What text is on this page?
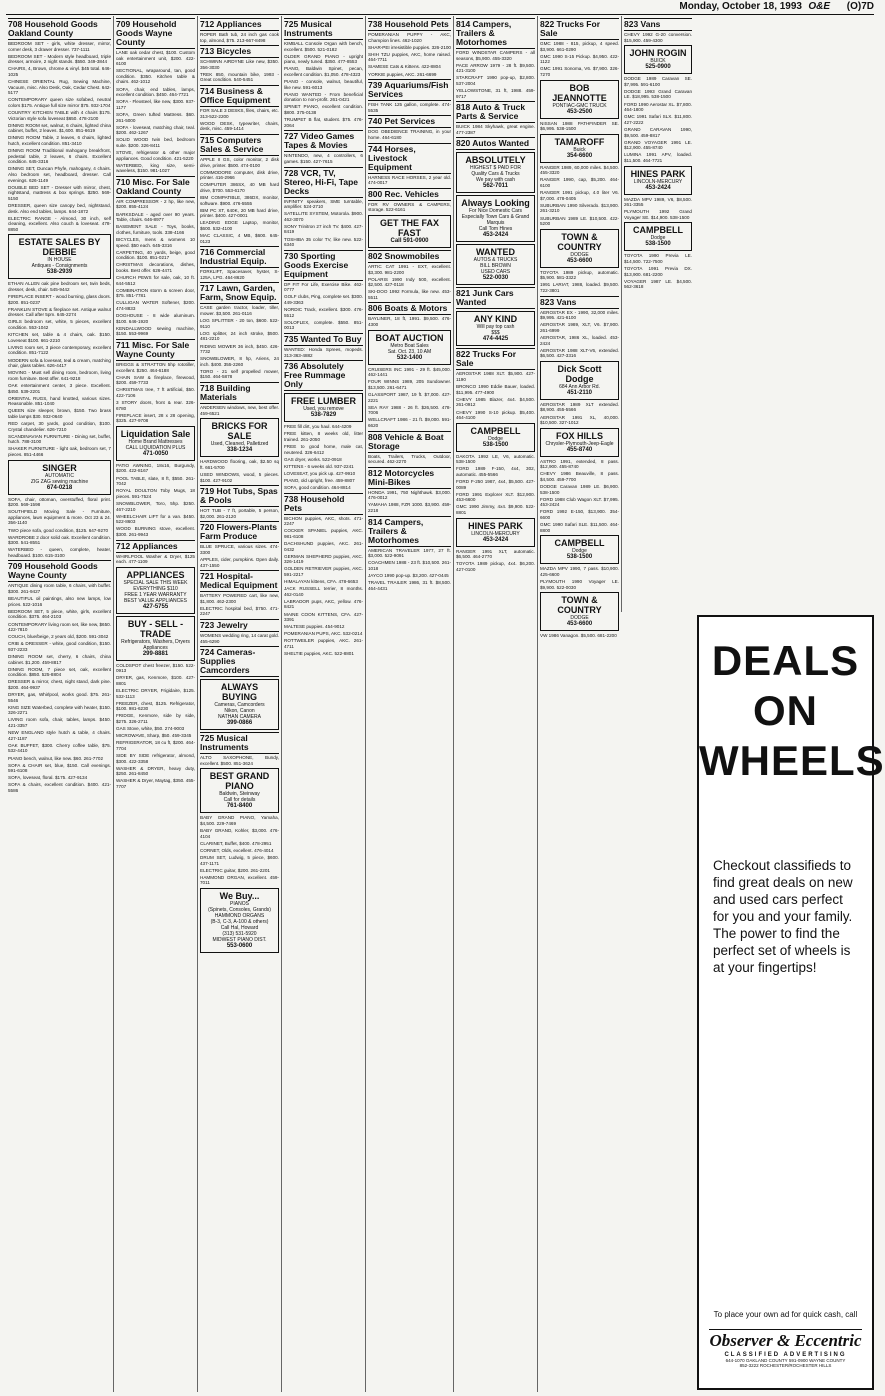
Monday, October 18, 1993 O&E (O)7D
708 Household Goods Oakland County
BEDROOM SET - girls, white dresser, mirror, corner desk, 3 drawer dresser. 737-1111
BEDROOM SET - Modern style headboard, triple dresser, armoire, 2 night stands. $550. 349-3844
CHAIRS, 4, Brown, chrome & vinyl. $45 total. 646-1025
CHINESE ORIENTAL Rug, Sewing Machine, Vacuum, misc. Also Desk, Oak, Cedar Chest. 642-5177
CONTEMPORARY queen size sofabed, neutral colors $175. Antique full size mirror $75. 932-1704
COUNTRY KITCHEN TABLE with 4 chairs $175. Victorian style sofa loveseat $650. 478-2100
DINING ROOM set, walnut, 6 chairs, lighted china cabinet, buffet, 2 leaves. $1,600. 851-6619
DINING ROOM Table, 2 leaves, 6 chairs, lighted hutch, excellent condition. 851-3410
DINING ROOM Traditional mahogany breakfront, pedestal table, 2 leaves, 6 chairs. Excellent condition. 645-3316
DINING SET, Duncan Phyfe, mahogany, 4 chairs. Also bedroom set, headboard, dresser. Call evenings. 626-1149
DOUBLE BED SET - Dresser with mirror, chest, nightstand, mattress & box springs. $250. 569-5150
DRESSER, queen size canopy bed, nightstand, desk. Also end tables, lamps. 644-1872
ELECTRIC RANGE - Almond, 30 inch, self cleaning, excellent. Also couch & loveseat. 478-8850
ESTATE SALES BY DEBBIE
IN HOUSE
Antiques - Consignments
538-2939
ETHAN ALLEN oak pine bedroom set, twin beds, dresser, desk, chair. 545-9442
FIREPLACE INSERT - wood burning, glass doors. $200. 851-0237
FRANKLIN STOVE & fireplace set. Antique walnut dresser. Call after 5pm. 645-2274
GIRLS bedroom set, white, 5 pieces, excellent condition. 553-1042
KITCHEN set, table & 4 chairs, oak. $150. Loveseat $100. 661-2210
LIVING room set, 3 piece contemporary, excellent condition. 851-7122
MODERN sofa & loveseat, teal & cream, matching chair, glass tables. 626-4417
MOVING - Must sell dining room, bedroom, living room furniture. Best offer. 641-9218
OAK entertainment center, 3 piece. Excellent. $450. 539-2201
ORIENTAL RUGS, hand knotted, various sizes. Reasonable. 851-1040
QUEEN size sleeper, brown, $150. Two brass table lamps $30. 932-0640
RED carpet, 30 yards, good condition, $100. Crystal chandelier. 626-7210
SCANDINAVIAN FURNITURE - Dining set, buffet, hutch. 788-3100
SHAKER FURNITURE - light oak, bedroom set, 7 pieces. 851-4466
SINGER
AUTOMATIC
ZIG ZAG sewing machine
674-0218
SOFA, chair, ottoman, overstuffed, floral print. $200. 569-1598
SOUTHFIELD Moving Sale - Furniture, appliances, lawn equipment & more. Oct 23 & 24. 356-1140
TWO piece sofa, good condition, $125. 647-9270
WARDROBE 2 door solid oak. Excellent condition. $300. 541-8551
WATERBED - queen, complete, heater, headboard. $100. 615-3100
709 Household Goods Wayne County
ANTIQUE dining room table, 6 chairs, with buffet. $300. 261-9427
BEAUTIFUL oil paintings, also new lamps, low prices. 522-1016
BEDROOM SET, 5 piece, white, girls, excellent condition. $375. 464-2103
CONTEMPORARY living room set, like new, $650. 422-7810
COUCH, blue/beige, 2 years old, $200. 591-3042
CRIB & DRESSER - white, good condition, $150. 937-2233
DINING ROOM set, cherry, 6 chairs, china cabinet. $1,200. 459-8817
DINING ROOM, 7 piece set, oak, excellent condition. $850. 525-8804
DRESSER & mirror, chest, night stand, dark pine. $200. 464-9937
DRYER, gas, Whirlpool, works good. $75. 261-5546
KING SIZE Waterbed, complete with heater, $150. 326-2271
LIVING room sofa, chair, tables, lamps. $450. 421-3357
NEW ENGLAND style hutch & table, 4 chairs. 427-1187
OAK BUFFET, $300. Cherry coffee table, $75. 532-4410
PIANO bench, walnut, like new. $60. 261-7702
SOFA & CHAIR set, blue, $150. Call evenings. 591-6108
SOFA, loveseat, floral. $175. 427-9134
SOFA & chairs, excellent condition. $400. 421-5586
709 Household Goods Wayne County
LANE oak cedar chest, $100. Custom oak entertainment unit, $200. 422-6100
SECTIONAL, wraparound, tan, good condition. $350. Kitchen table & chairs. 462-1012
SOFA, chair, end tables, lamps, excellent condition. $450. 464-7721
SOFA - Flexsteel, like new, $300. 937-1177
SOFA, Green tufted Mattress. $60. 261-5000
SOFA - loveseat, matching chair, teal. $200. 462-1267
SOLID WOOD twin bed, bedroom suite. $200. 326-8411
STOVE, refrigerator & other major appliances. Good condition. 421-5220
WATERBED, king size, semi-waveless, $150. 981-1027
710 Misc. For Sale Oakland County
AIR COMPRESSOR - 2 hp, like new, $200. 855-4124
BARKSDALE - aged over 90 years. Table, chairs. 646-8977
BASEMENT SALE - Toys, books, clothes, furniture, tools. 338-4166
BICYCLES, mens & womens 10 speed. $50 each. 645-3316
CARPETING, 40 yards, beige, good condition. $100. 851-0217
CHRISTMAS decorations, dishes, books. Best offer. 626-4471
CHURCH PEWS for sale, oak, 10 ft. 644-5512
COMBINATION storm & screen door, $75. 851-7781
CULLIGAN WATER Softener, $200. 474-8833
DOGHOUSE - 8 wide aluminum. $100. 646-1920
KENDALLWOOD sewing machine, $150. 553-9969
711 Misc. For Sale Wayne County
BRIGGS & STRATTON 5hp rototiller, excellent. $250. 464-6188
CHAIN SAW & fireplace, firewood, $200. 459-7733
CHRISTMAS tree, 7 ft artificial, $50. 422-7106
3 STORY doors, front & rear. 326-6780
FIREPLACE insert, 28 x 28 opening, $325. 427-9708
Liquidation Sale
Home Brand Mattresses
CALL LIQUIDATION PLUS
471-0050
PATIO AWNING, 18x16, Burgundy, $200. 422-8167
POOL TABLE, slate, 8 ft, $550. 261-7042
ROYAL DOULTON Toby Mugs, 18 pieces. 591-7524
SNOWBLOWER, Toro, 5hp. $250. 467-2210
WHEELCHAIR LIFT for a van. $450. 522-8603
WOOD BURNING stove, excellent. $300. 261-9943
712 Appliances
WHIRLPOOL Washer & Dryer, $125 each. 477-1109
APPLIANCES
SPECIAL SALE THIS WEEK
EVERYTHING $110
FREE 1 YEAR WARRANTY
BEST VALUE APPLIANCES
427-5755
BUY - SELL - TRADE
Refrigerators, Washers, Dryers
Appliances
299-8881
COLDSPOT chest freezer, $150. 522-0913
DRYER, gas, Kenmore, $100. 427-8801
ELECTRIC DRYER, Frigidaire, $125. 532-1113
FREEZER, chest, $125. Refrigerator, $100. 981-6230
FRIDGE, Kenmore, side by side, $275. 326-2711
GAS Stove, white, $50. 274-9003
MICROWAVE, Sharp, $50. 459-3345
REFRIGERATOR, 18 cu ft, $200. 464-7704
SIDE BY SIDE refrigerator, almond, $300. 422-3358
WASHER & DRYER, heavy duty, $250. 261-8450
WASHER & Dryer, Maytag, $350. 455-7707
712 Appliances
ROPER Bath tub, 24 inch gas cook top, almond, $75. 213-667-8498
713 Bicycles
SCHWINN AIRDYNE Like new, $350. 356-3030
TREK 850, mountain bike, 1993 - Great condition. 540-5451
714 Business & Office Equipment
FOR SALE 3 DESKS, files, chairs, etc. 313-522-2200
WOOD DESK, typewriter, chairs, desk, misc. 459-1414
715 Computers Sales & Service
APPLE II GS, color monitor, 2 disk drive, printer. $500. 474-0100
COMMODORE computer, disk drive, printer. 416-2966
COMPUTER 386SX, 40 MB hard drive, $700. 553-6170
IBM COMPATIBLE, 386DX, monitor, software. $900. 476-5555
IBM PC XT, 640K, 20 MB hard drive, printer. $400. 427-0001
LEADING EDGE Laptop, monitor, $600. 532-4100
MAC CLASSIC, 4 MB, $600. 645-0123
716 Commercial Industrial Equip.
FORKLIFT, Spacesaver, hyster, S-125A, LPG. 464-8620
717 Lawn, Garden, Farm, Snow Equip.
CASE garden tractor, loader, tiller, mower. $3,500. 261-0116
LOG SPLITTER - 20 ton, $600. 522-9110
LOG splitter, 24 inch stroke, $500. 481-2210
RIDING MOWER 36 inch, $450. 426-7732
SNOWBLOWER, 8 hp, Ariens, 24 inch. $400. 355-2260
TORO - 21 self propelled mower, $150. 464-5878
718 Building Materials
ANDERSEN windows, new, best offer. 459-6521
BRICKS FOR SALE
Used, Cleaned, Palletized
338-1234
HARDWOOD flooring, oak, $2.50 sq ft. 661-5700
USED WINDOWS, wood, 5 pieces. $100. 427-9102
719 Hot Tubs, Spas & Pools
HOT TUB - 7 ft, portable, 5 person, $2,000. 261-2120
720 Flowers-Plants Farm Produce
BLUE SPRUCE, various sizes. 474-3300
APPLES, cider, pumpkins. Open daily. 437-1550
721 Hospital-Medical Equipment
BATTERY POWERED cart, like new, $1,800. 462-2300
ELECTRIC hospital bed, $750. 471-2247
723 Jewelry
WOMENS wedding ring, 14 carat gold. 455-6290
724 Cameras-Supplies Camcorders
ALWAYS BUYING
Cameras, Camcorders
Nikon, Canon
NATHAN CAMERA
399-0866
725 Musical Instruments
ALTO SAXOPHONE, Bundy, excellent. $500. 851-3624
BEST GRAND PIANO
Baldwin, Steinway
Call for details
761-8400
BABY GRAND PIANO, Yamaha, $4,500. 229-7469
BABY GRAND, Kohler, $3,000. 476-4104
CLARINET, Buffet, $400. 478-2951
CORNET, Olds, excellent. 476-4014
DRUM SET, Ludwig, 5 piece, $600. 437-1171
ELECTRIC guitar, $200. 261-2201
HAMMOND ORGAN, excellent. 459-7011
We Buy...
PIANOS
(Spinets, Consoles, Grands)
HAMMOND ORGANS
(B-3, C-3, A-100 & others)
Call Hal, Howard
(313) 531-5920
MIDWEST PIANO DIST.
553-0600
725 Musical Instruments
KIMBALL Console Organ with bench, excellent. $500. 521-0182
OLDER GRAND PIANO - upright piano, newly tuned. $350. 477-8553
PIANO, Baldwin Spinet, pecan, excellent condition. $1,050. 478-4323
PIANO - console, walnut, beautiful, like new. 591-6013
PIANO WANTED - From beneficial donation to non-profit. 261-0421
SPINET PIANO, excellent condition. $800. 375-0138
TRUMPET B flat, student. $75. 476-2064
727 Video Games Tapes & Movies
NINTENDO, new, 4 controllers, 6 games. $150. 427-7615
728 VCR, TV, Stereo, Hi-Fi, Tape Decks
INFINITY speakers, SME turntable, amplifier. 524-2710
SATELLITE SYSTEM, Motorola. $900. 462-3070
SONY Trinitron 27 inch TV. $400. 427-8419
TOSHIBA 35 color TV, like new. 522-6340
730 Sporting Goods Exercise Equipment
DP FIT For Life, Exercise Bike. 462-0777
GOLF clubs, Ping, complete set. $300. 449-3363
NORDIC Track, excellent. $300. 476-5512
SOLOFLEX, complete. $550. 851-0013
735 Wanted To Buy
WANTED: Honda Sprees, mopeds. 313-363-4882
736 Absolutely Free Rummage Only
FREE LUMBER
Used, you remove
538-7829
FREE fill dirt, you haul. 644-4209
FREE kitten, 8 weeks old, litter trained. 261-2050
FREE to good home, male cat, neutered. 326-6412
GAS dryer, works. 522-0918
KITTENS - 6 weeks old. 937-2241
LOVESEAT, you pick up. 427-9910
PIANO, old upright, free. 459-8807
SOFA, good condition. 464-8814
738 Household Pets
BICHON puppies, AKC, shots. 471-2247
COCKER SPANIEL puppies, AKC. 981-6108
DACHSHUND puppies, AKC. 261-0432
GERMAN SHEPHERD puppies, AKC. 326-1419
GOLDEN RETRIEVER puppies, AKC. 591-2217
HIMALAYAN kittens, CFA. 478-6653
JACK RUSSELL terrier, 8 months. 462-0140
LABRADOR pups, AKC, yellow. 476-8421
MAINE COON KITTENS, CFA. 427-3391
MALTESE puppies. 454-9012
POMERANIAN PUPS, AKC. 532-0214
ROTTWEILER puppies, AKC. 261-4711
SHELTIE puppies, AKC. 522-8801
738 Household Pets
POMERANIAN PUPPY - AKC, Champion lines. 462-1020
SHAR-PEI irresistible puppies. 326-2100
SHIH TZU puppies, AKC, home raised. 464-7711
SIAMESE Cats & Kittens. 422-8804
YORKIE puppies, AKC. 261-6699
739 Aquariums/Fish Services
FISH TANK 125 gallon, complete. 474-5535
740 Pet Services
DOG OBEDIENCE TRAINING, in your home. 464-6180
744 Horses, Livestock Equipment
HARNESS RACE HORSES, 2 year old. 474-0017
800 Rec. Vehicles
FOR RV OWNERS & CAMPERS, storage. 522-6161
GET THE FAX FAST
Call 591-0900
802 Snowmobiles
ARTIC CAT 1991 - EXT, excellent. $3,300. 981-2200
POLARIS 1990 Indy 500, excellent. $2,500. 427-0118
SKI-DOO 1992 Formula, like new. 453-5511
806 Boats & Motors
BAYLINER, 18 ft, 1991. $9,500. 476-4300
BOAT AUCTION
Metro Boat Sales
Sat. Oct. 23, 10 AM
532-1400
CRUISERS INC 1991 - 29 ft. $45,000. 462-1441
FOUR WINNS 1989, 205 Sundowner. $13,500. 261-6471
GLASSPORT 1987, 19 ft. $7,000. 427-2221
SEA RAY 1988 - 26 ft. $26,500. 478-7006
WELLCRAFT 1986 - 21 ft. $9,000. 591-6620
808 Vehicle & Boat Storage
Boats, Trailers, Trucks, Outdoor, secured. 462-2270
812 Motorcycles Mini-Bikes
HONDA 1991, 750 Nighthawk. $3,000. 476-0012
YAMAHA 1988, FZR 1000. $3,900. 459-2218
814 Campers, Trailers & Motorhomes
AMERICAN TRAVELER 1977, 27 ft. $3,000. 522-9091
COACHMEN 1988 - 23 ft. $10,500. 261-1018
JAYCO 1990 pop-up. $3,200. 427-0445
TRAVEL TRAILER 1986, 31 ft. $8,500. 464-4431
814 Campers, Trailers & Motorhomes
FORD WINDSTAR CAMPERS - all seasons, $5,900. 455-3320
PACE ARROW 1979 - 28 ft. $9,500. 421-3100
STARCRAFT 1990 pop-up, $2,800. 537-2004
YELLOWSTONE, 31 ft, 1988. 459-9717
818 Auto & Truck Parts & Service
BUICK 1984 Skyhawk, great engine. 477-2387
820 Autos Wanted
ABSOLUTELY
HIGHEST $ PAID FOR
Quality Cars & Trucks
We pay with cash
562-7011
Always Looking
For Nice Domestic Cars
Especially Town Cars & Grand Marquis
Call Tom Hines
453-2424
WANTED
AUTOS & TRUCKS
BILL BROWN
USED CARS
522-0030
821 Junk Cars Wanted
ANY KIND
Will pay top cash
$$$
474-4425
822 Trucks For Sale
AEROSTAR 1988 XLT. $5,900. 427-1190
BRONCO 1990 Eddie Bauer, loaded. $11,995. 477-4900
CHEVY 1985 Blazer, 4x4. $4,500. 261-0912
CHEVY 1990 S-10 pickup. $5,400. 464-4100
CAMPBELL
Dodge
538-1500
DAKOTA 1992 LE, V6, automatic. 538-1500
FORD 1989 F-150, 4x4, 302, automatic. 455-5566
FORD F-250 1987, 4x4, $5,500. 427-0089
FORD 1991 Explorer XLT. $12,900. 453-6600
GMC 1990 Jimmy, 4x4. $9,900. 522-8801
HINES PARK
LINCOLN-MERCURY
453-2424
RANGER 1991 XLT, automatic. $6,500. 464-2770
TOYOTA 1989 pickup, 4x4. $6,200. 427-0100
822 Trucks For Sale
GMC 1988 - 815, pickup, 4 speed. $3,900. 661-0290
GMC 1990 S-15 Pickup. $4,950. 422-1122
GMC 1991 Sonoma, V6. $7,900. 326-7270
BOB JEANNOTTE
PONTIAC-GMC TRUCK
453-2500
NISSAN 1988 PATHFINDER SE. $6,995. 538-1500
TAMAROFF
Buick
354-6600
RANGER 1989, 60,000 miles. $4,500. 455-3320
RANGER 1990, cap, $5,200. 464-6100
RANGER 1991 pickup, 4.0 liter V6. $7,000. 478-0405
SUBURBAN 1990 Silverado. $13,900. 261-3210
SUBURBAN 1989 LE. $10,500. 422-5200
TOWN & COUNTRY
DODGE
453-6600
TOYOTA 1989 pickup, automatic. $5,900. 581-3322
1991 LARIAT, 1988, loaded. $9,500. 722-3801
823 Vans
AEROSTAR EX - 1990, 32,000 miles. $9,995. 421-6100
AEROSTAR 1989, XLT, V6. $7,900. 261-6999
AEROSTAR, 1986 XL, loaded. 453-2424
AEROSTAR 1988 XLT-V6, extended. $6,500. 427-3316
Dick Scott Dodge
684 Ann Arbor Rd.
451-2110
AEROSTAR 1989 XLT extended. $8,900. 455-5566
AEROSTAR 1991 XL, 40,000. $10,500. 327-1012
FOX HILLS
Chrysler-Plymouth-Jeep-Eagle
455-8740
ASTRO 1991, extended, 8 pass. $12,900. 455-8740
CHEVY 1986 Beauville, 8 pass. $4,500. 459-7700
DODGE Caravan 1989 LE. $6,900. 538-1500
FORD 1988 Club Wagon XLT. $7,995. 453-2424
FORD 1992 E-150, $13,900. 354-6600
GMC 1990 Safari SLE. $11,500. 464-8800
CAMPBELL
Dodge
538-1500
MAZDA MPV 1990, 7 pass. $10,900. 425-6600
PLYMOUTH 1990 Voyager LE. $9,900. 522-0030
TOWN & COUNTRY
DODGE
453-6600
VW 1986 Vanagon. $5,500. 681-2200
823 Vans
CHEVY 1992 G-20 conversion. $15,900. 459-4300
JOHN ROGIN
BUICK
525-0900
DODGE 1989 Caravan SE. $7,995. 591-6100
DODGE 1993 Grand Caravan LE. $18,995. 538-1500
FORD 1990 Aerostar XL. $7,800. 464-1800
GMC 1991 Safari SLX. $11,800. 427-2222
GRAND CARAVAN 1990, $9,500. 459-8817
GRAND VOYAGER 1991 LE. $12,900. 455-8740
LUMINA 1991 APV, loaded. $11,500. 464-7721
HINES PARK
LINCOLN-MERCURY
453-2424
MAZDA MPV 1989, V6, $8,500. 261-3355
PLYMOUTH 1992 Grand Voyager SE. $14,900. 538-1500
CAMPBELL
Dodge
538-1500
TOYOTA 1990 Previa LE. $14,500. 722-7500
TOYOTA 1991 Previa DX. $13,900. 681-2200
VOYAGER 1987 LE. $4,500. 562-3618
DEALS
ON
WHEELS
Checkout classifieds to find great deals on new and used cars perfect for you and your family. The power to find the perfect set of wheels is at your fingertips!
To place your own ad for quick cash, call
Observer & Eccentric
CLASSIFIED ADVERTISING
644-1070 OAKLAND COUNTY 591-0900 WAYNE COUNTY
852-3222 ROCHESTER/ROCHESTER HILLS
